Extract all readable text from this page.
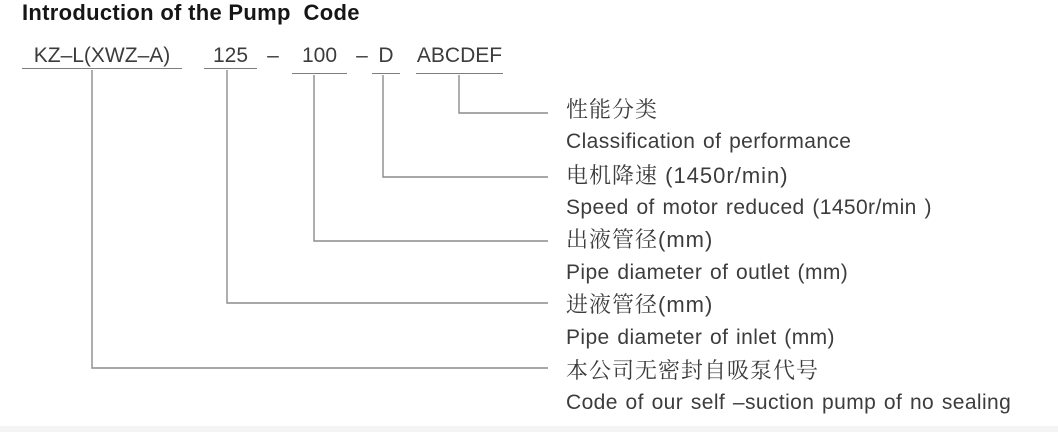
Introduction of the Pump  Code
KZ–L(XWZ–A)	125 –	100 – D	ABCDEF
性能分类
Classification of performance
电机降速 (1450r/min)
Speed of motor reduced (1450r/min )
出液管径(mm)
Pipe diameter of outlet (mm)
进液管径(mm)
Pipe diameter of inlet (mm)
本公司无密封自吸泵代号
Code of our self –suction pump of no sealing
